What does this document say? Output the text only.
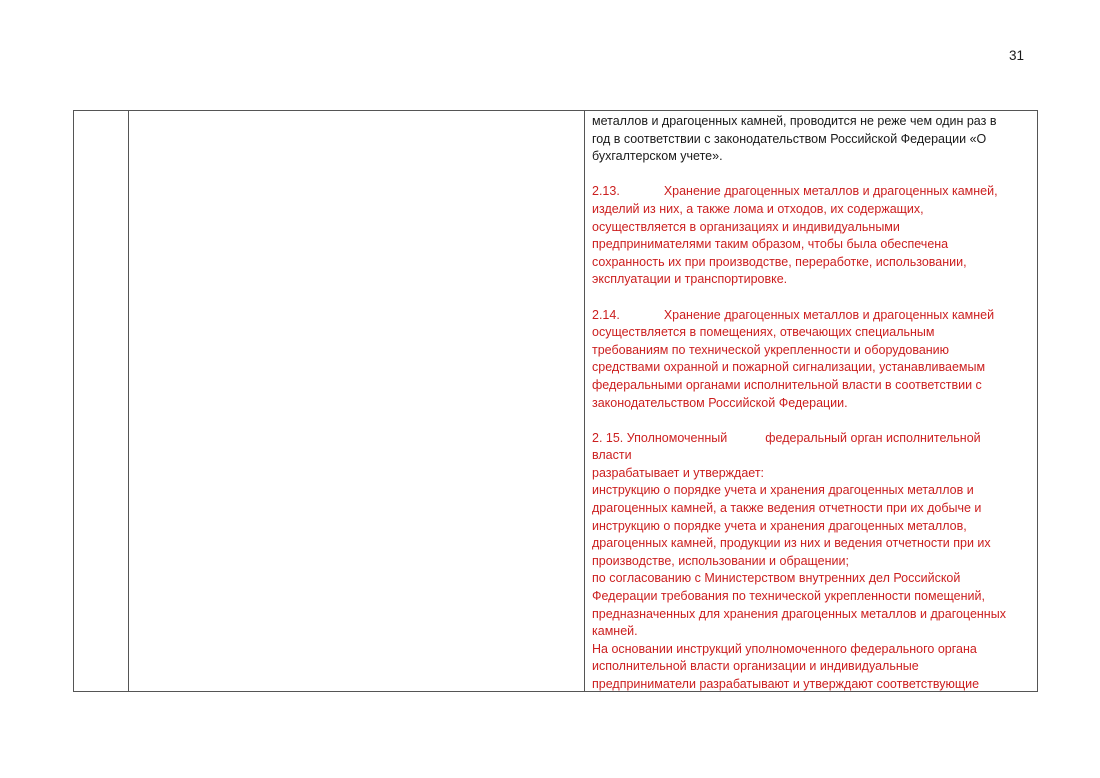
31
металлов и драгоценных камней, проводится не реже чем один раз в
год в соответствии с законодательством Российской Федерации «О
бухгалтерском учете».
2.13.	Хранение драгоценных металлов и драгоценных камней,
изделий из них, а также лома и отходов, их содержащих,
осуществляется в организациях и индивидуальными
предпринимателями таким образом, чтобы была обеспечена
сохранность их при производстве, переработке, использовании,
эксплуатации и транспортировке.
2.14.	Хранение драгоценных металлов и драгоценных камней
осуществляется в помещениях, отвечающих специальным
требованиям по технической укрепленности и оборудованию
средствами охранной и пожарной сигнализации, устанавливаемым
федеральными органами исполнительной власти в соответствии с
законодательством Российской Федерации.
2. 15. Уполномоченный	федеральный орган исполнительной
власти
разрабатывает и утверждает:
инструкцию о порядке учета и хранения драгоценных металлов и
драгоценных камней, а также ведения отчетности при их добыче и
инструкцию о порядке учета и хранения драгоценных металлов,
драгоценных камней, продукции из них и ведения отчетности при их
производстве, использовании и обращении;
по согласованию с Министерством внутренних дел Российской
Федерации требования по технической укрепленности помещений,
предназначенных для хранения драгоценных металлов и драгоценных
камней.
На основании инструкций уполномоченного федерального органа
исполнительной власти организации и индивидуальные
предприниматели разрабатывают и утверждают соответствующие
